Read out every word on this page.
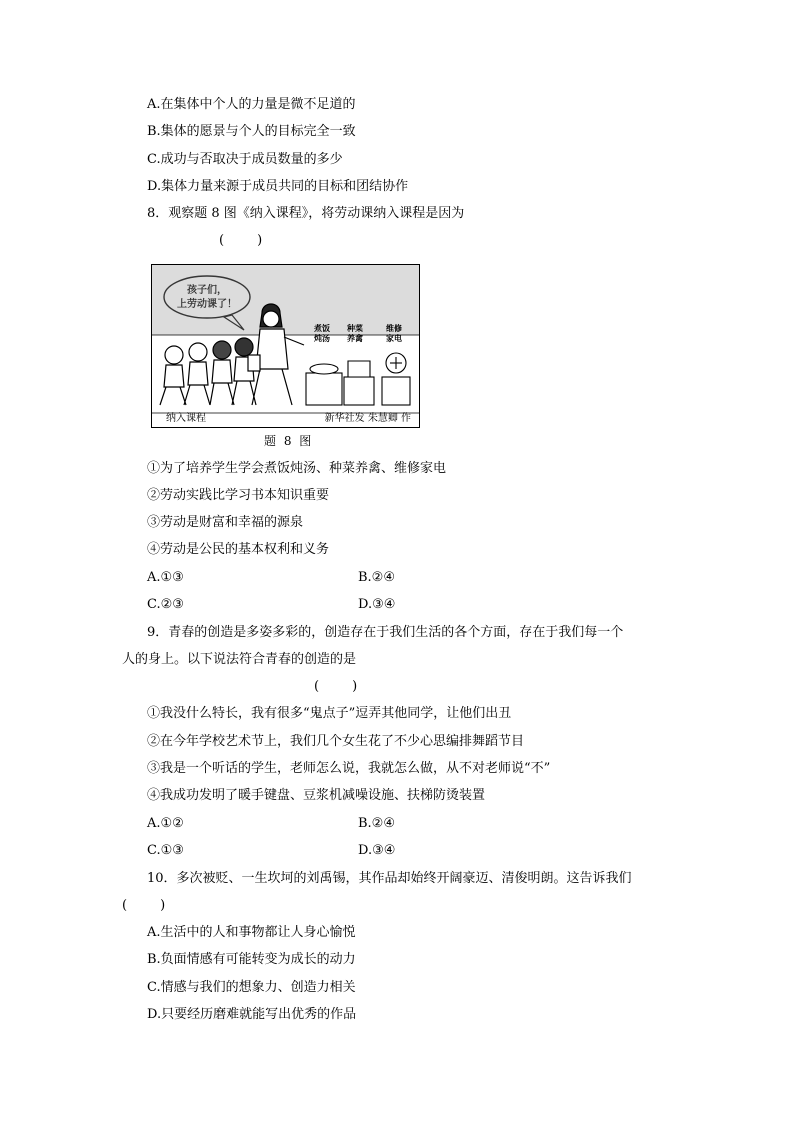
A.在集体中个人的力量是微不足道的
B.集体的愿景与个人的目标完全一致
C.成功与否取决于成员数量的多少
D.集体力量来源于成员共同的目标和团结协作
8．观察题 8 图《纳入课程》，将劳动课纳入课程是因为
(        )
孩子们，
上劳动课了！
煮饭
炖汤
种菜
养禽
维修
家电
纳入课程	新华社发 朱慧卿 作
题 8 图
①为了培养学生学会煮饭炖汤、种菜养禽、维修家电
②劳动实践比学习书本知识重要
③劳动是财富和幸福的源泉
④劳动是公民的基本权利和义务
A.①③	B.②④
C.②③	D.③④
9．青春的创造是多姿多彩的，创造存在于我们生活的各个方面，存在于我们每一个
人的身上。以下说法符合青春的创造的是
(        )
①我没什么特长，我有很多“鬼点子”逗弄其他同学，让他们出丑
②在今年学校艺术节上，我们几个女生花了不少心思编排舞蹈节目
③我是一个听话的学生，老师怎么说，我就怎么做，从不对老师说“不”
④我成功发明了暖手键盘、豆浆机减噪设施、扶梯防烫装置
A.①②	B.②④
C.①③	D.③④
10．多次被贬、一生坎坷的刘禹锡，其作品却始终开阔豪迈、清俊明朗。这告诉我们
(        )
A.生活中的人和事物都让人身心愉悦
B.负面情感有可能转变为成长的动力
C.情感与我们的想象力、创造力相关
D.只要经历磨难就能写出优秀的作品
